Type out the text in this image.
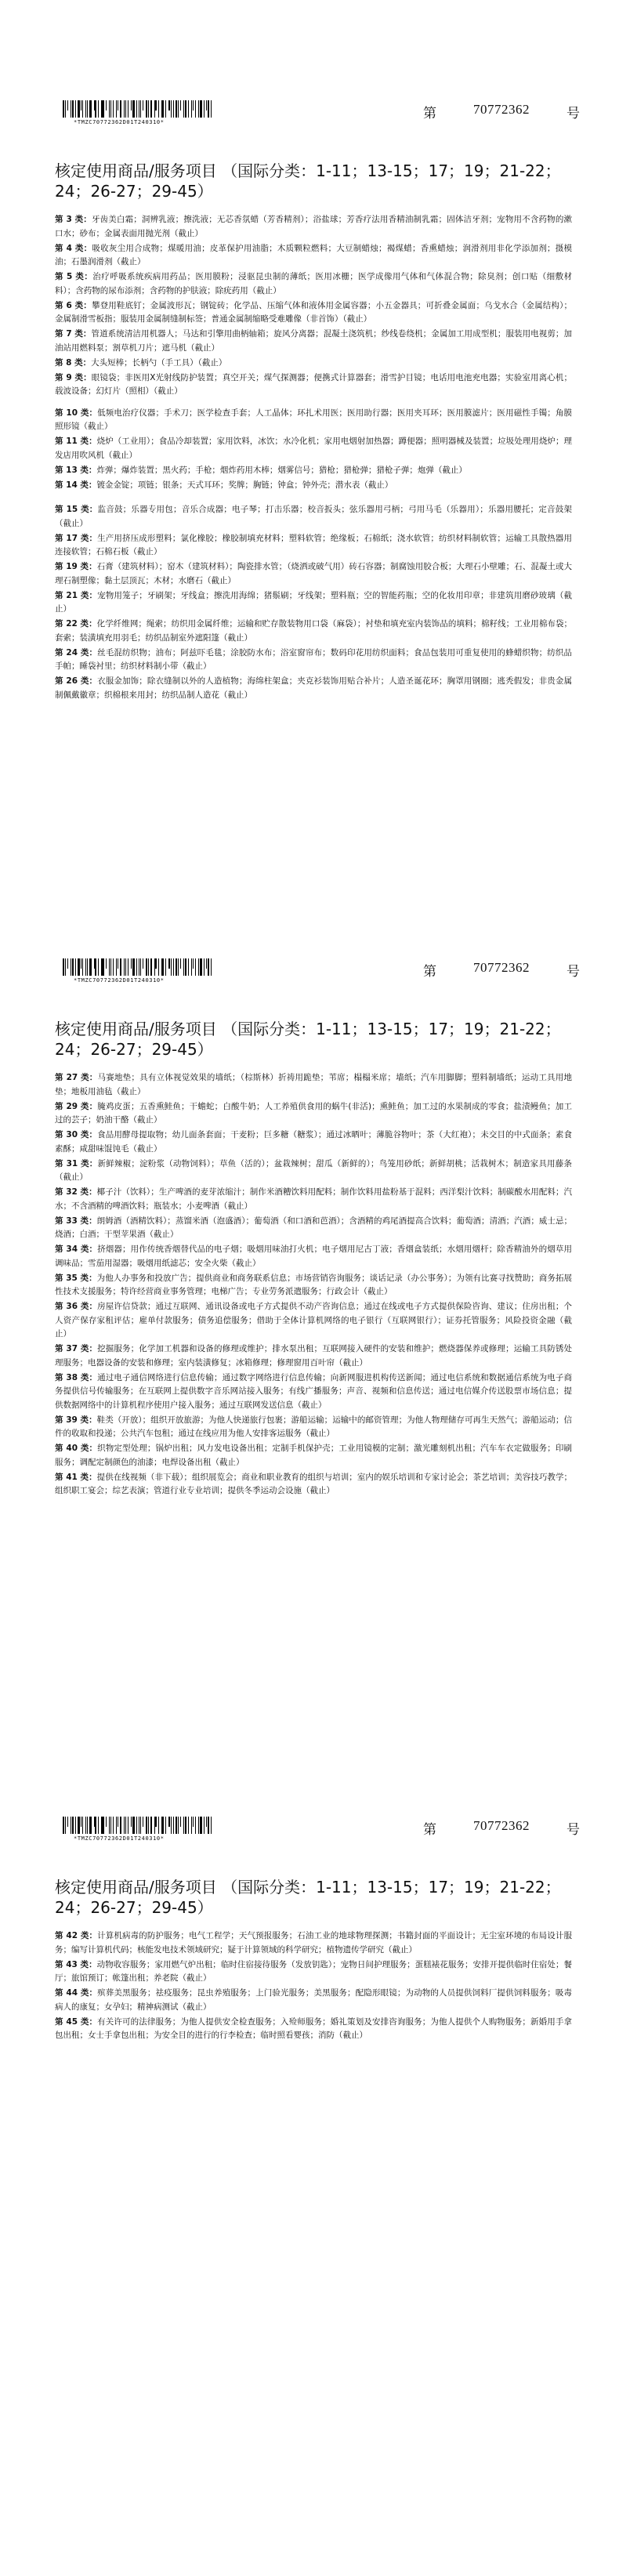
*TMZC70772362D01T240310*
第	70772362	号
核定使用商品/服务项目 （国际分类：1-11；13-15；17；19；21-22；24；26-27；29-45）

第 3 类：牙齿美白霜；洞辨乳液；擦洗液；无芯香氛蜡（芳香精剂）；浴盐球；芳香疗法用香精油制乳霜；固体洁牙剂；宠物用不含药物的漱口水；砂布；金属表面用抛光剂（截止）

第 4 类：吸收灰尘用合成物；煤暖用油；皮革保护用油脂；木质颗粒燃料；大豆制蜡烛；褐煤蜡；香熏蜡烛；润滑剂用非化学添加剂；摄模油；石墨润滑剂（截止）

第 5 类：治疗呼吸系统疾病用药品；医用膜粉；浸驱昆虫制的薄纸；医用冰栅；医学成像用气体和气体混合物；除臭剂；创口贴（细敷材料）；含药物的尿布添剂；含药物的护肤液；除疣药用（截止）

第 6 类：攀登用鞋底钉；金属波形瓦；钢锭砖；化学品、压缩气体和液体用金属容器；小五金器具；可折叠金属面；乌戈水合（金属结构）；金属制滑雪板指；服装用金属制缝制标签；普通金属制缩略受难雕像（非首饰）（截止）

第 7 类：管道系统清洁用机器人；马达和引擎用曲柄轴箱；旋风分离器；混凝土浇筑机；纱线卷绕机；金属加工用成型机；服装用电视剪；加油站用燃料泵；割草机刀片；遮马机（截止）

第 8 类：大头短棒；长柄勺（手工具）（截止）

第 9 类：眼镜袋；非医用X光射线防护装置；真空开关；煤气探测器；便携式计算器套；滑雪护目镜；电话用电池充电器；实验室用离心机；载波设备；幻灯片（照相）（截止）

第 10 类：低频电治疗仪器；手术刀；医学检查手套；人工晶体；环扎术用医；医用助行器；医用夹耳环；医用膜滤片；医用磁性手镯；角膜照形镜（截止）

第 11 类：烧炉（工业用）；食品冷却装置；家用饮料，冰饮；水冷化机；家用电烟射加热器；蹲便器；照明器械及装置；垃圾处理用烧炉；理发店用吹风机（截止）

第 13 类：炸弹；爆炸装置；黑火药；手枪；烟炸药用木棒；烟雾信号；猎枪；猎枪弹；猎枪子弹；炮弹（截止）

第 14 类：镀金金锭；项链；银条；天式耳环；奖牌；胸链；钟盒；钟外壳；潜水表（截止）

第 15 类：监音鼓；乐器专用包；音乐合成器；电子琴；打击乐器；校音扳头；弦乐器用弓柄；弓用马毛（乐器用）；乐器用腰托；定音鼓架（截止）

第 17 类：生产用挤压成形塑料；氯化橡胶；橡胶制填充材料；塑料软管；绝缘板；石棉纸；浇水软管；纺织材料制软管；运输工具散热器用连接软管；石棉石板（截止）

第 19 类：石膏（建筑材料）；窑木（建筑材料）；陶瓷排水管；（烧洒或破气用）砖石容器；制腐蚀用胶合板；大理石小壁雕；石、混凝土或大理石制塑像；黏土层顶瓦；木材；水磨石（截止）

第 21 类：宠物用笼子；牙刷架；牙线盒；擦洗用海绵；猪鬃刷；牙线架；塑料瓶；空的智能药瓶；空的化妆用印章；非建筑用磨砂玻璃（截止）

第 22 类：化学纤维网；绳索；纺织用金属纤维；运输和贮存散装物用口袋（麻袋）；衬垫和填充室内装饰品的填料；棉籽线；工业用棉布袋；套索；装潢填充用羽毛；纺织品制室外遮阳篷（截止）

第 24 类：丝毛混纺织物；油布；阿兹吓毛毯；涂胶防水布；浴室窗帘布；数码印花用纺织面料；食品包装用可重复使用的蜂蜡织物；纺织品手帕；睡袋衬里；纺织材料制小带（截止）

第 26 类：衣服金加饰；除衣缝制以外的人造植物；海绵柱架盒；夹克衫装饰用贴合补片；人造圣诞花环；胸罩用钢圈；逃秃假发；非贵金属制佩戴徽章；织棉根来用封；纺织品制人造花（截止）

*TMZC70772362D01T240310*
第	70772362	号
核定使用商品/服务项目 （国际分类：1-11；13-15；17；19；21-22；24；26-27；29-45）

第 27 类：马赛地垫；具有立体视觉效果的墙纸；（棕斯林）折祷用跪垫；苇席；榻榻米席；墙纸；汽车用脚脚；塑料制墙纸；运动工具用地垫；地板用油毡（截止）

第 29 类：腌鸡皮蛋；五香熏鲑鱼；干蟾蛇；白酸牛奶；人工养殖供食用的蜗牛(非活)；熏鲑鱼；加工过的水果制成的零食；盐渍鳗鱼；加工过的芸子；奶油干酪（截止）

第 30 类：食品用酵母提取物；幼儿面条套面；干麦粉；巨多糖（糖浆）；通过冰晒叶；薄脆谷物叶；茶（大红袍）；未交目的中式面条；素食素酥；咸甜味馄饨毛（截止）

第 31 类：新鲜辣椒；淀粉浆（动物饲料）；草鱼（活的）；盆栽辣树；甜瓜（新鲜的）；鸟笼用砂纸；新鲜胡桃；活栽树木；制造家具用藤条（截止）

第 32 类：椰子汁（饮料）；生产啤酒的麦芽浓缩汁；制作米酒糟饮料用配料；制作饮料用盐粉基于混料；西洋梨汁饮料；制碳酸水用配料；汽水；不含酒精的啤酒饮料；瓶装水；小麦啤酒（截止）

第 33 类：朗姆酒（酒精饮料）；蒸馏米酒（泡盛酒）；葡萄酒（和口酒和芭酒）；含酒精的鸡尾酒提高合饮料；葡萄酒；清酒；汽酒；威士忌；烧酒；白酒；干型苹果酒（截止）

第 34 类：挤烟器；用作传统香烟替代品的电子烟；吸烟用味油打火机；电子烟用尼古丁液；香烟盒装纸；水烟用烟杆；除香精油外的烟草用调味品；雪茄用湿器；吸烟用纸滤芯；安全火柴（截止）

第 35 类：为他人办事务和投放广告；提供商业和商务联系信息；市场营销咨询服务；谈话记录（办公事务）；为领有比赛寻找赞助；商务拓展性技术支援服务；特许经营商业事务管理；电梯广告；专业劳务派遣服务；行政会计（截止）

第 36 类：房屋许信贷款；通过互联网、通讯设备或电子方式提供不动产咨询信息；通过在线或电子方式提供保险咨询、建议；住房出租；个人资产保存家租评估；雇单付款服务；债务追偿服务；借助于全体计算机网络的电子银行（互联网银行）；证券托管服务；风险投资金融（截止）

第 37 类：挖掘服务；化学加工机器和设备的修理或维护；排水泵出租；互联网接入硬件的安装和维护；燃烧器保养或修理；运输工具防锈处理服务；电器设备的安装和修理；室内装潢修复；冰箱修理；修理窗用百叶帘（截止）

第 38 类：通过电子通信网络进行信息传输；通过数字网络进行信息传输；向新网服进机构传送新闻；通过电信系统和数据通信系统为电子商务提供信号传输服务；在互联网上提供数字音乐网站接入服务；有线广播服务；声音、视频和信息传送；通过电信媒介传送股票市场信息；提供数据网络中的计算机程序使用户接入服务；通过互联网发送信息（截止）

第 39 类：鞋类（开放）；组织开放旅游；为他人快递旅行包裹；游船运输；运输中的邮资管理；为他人物理储存可再生天然气；游船运动；信件的收取和投递；公共汽车包租；通过在线应用为他人安排客运服务（截止）

第 40 类：织物定型处理；锅炉出租；风力发电设备出租；定制手机保护壳；工业用镜模的定制；激光雕刻机出租；汽车车衣定做服务；印刷服务；调配定制颜色的油漆；电焊设备出租（截止）

第 41 类：提供在线视频（非下载）；组织展览会；商业和职业教育的组织与培训；室内的娱乐培训和专家讨论会；茶艺培训；美容技巧教学；组织职工宴会；综艺表演；管道行业专业培训；提供冬季运动会设施（截止）

*TMZC70772362D01T240310*
第	70772362	号
核定使用商品/服务项目 （国际分类：1-11；13-15；17；19；21-22；24；26-27；29-45）

第 42 类：计算机病毒的防护服务；电气工程学；天气预报服务；石油工业的地球物理探测；书籍封面的平面设计；无尘室环境的布局设计服务；编写计算机代码；核能发电技术领域研究；疑于计算领域的科学研究；植物遗传学研究（截止）

第 43 类：动物收容服务；家用燃气炉出租；临时住宿接待服务（发放钥匙）；宠物日间护理服务；蛋糕裱花服务；安排开提供临时住宿处；餐厅；旅馆预订；帐篷出租；养老院（截止）

第 44 类：殡葬美黑服务；祛疫服务；昆虫养殖服务；上门验光服务；美黑服务；配隐形眼镜；为动物的人员提供饲料厂提供饲料服务；吸毒病人的康复；女孕妇；精神病测试（截止）

第 45 类：有关许可的法律服务；为他人提供安全检查服务；入殓师服务；婚礼策划及安排咨询服务；为他人提供个人购物服务；新婚用手拿包出租；女士手拿包出租；为安全目的进行的行李检查；临时照看婴孩；消防（截止）
